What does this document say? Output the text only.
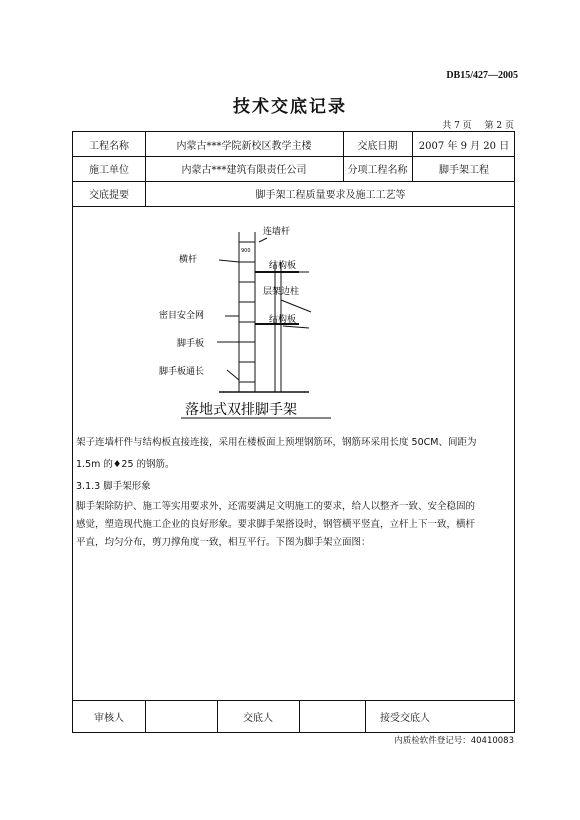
DB15/427—2005
技术交底记录
共 7 页 第 2 页
工程名称	内蒙古***学院新校区教学主楼	交底日期	2007 年 9 月 20 日
施工单位	内蒙古***建筑有限责任公司	分项工程名称	脚手架工程
交底提要	脚手架工程质量要求及施工工艺等
连墙杆
900
横杆
结构板
层架边柱
密目安全网	结构板
脚手板
脚手板通长
落地式双排脚手架
架子连墙杆件与结构板直接连接，采用在楼板面上预埋钢筋环，钢筋环采用长度 50CM、间距为
1.5m 的♦25 的钢筋。
3.1.3 脚手架形象
脚手架除防护、施工等实用要求外，还需要满足文明施工的要求，给人以整齐一致、安全稳固的
感觉，塑造现代施工企业的良好形象。要求脚手架搭设时，钢管横平竖直，立杆上下一致，横杆
平直，均匀分布，剪刀撑角度一致，相互平行。下图为脚手架立面图：
审核人	交底人	接受交底人
内质检软件登记号：40410083
